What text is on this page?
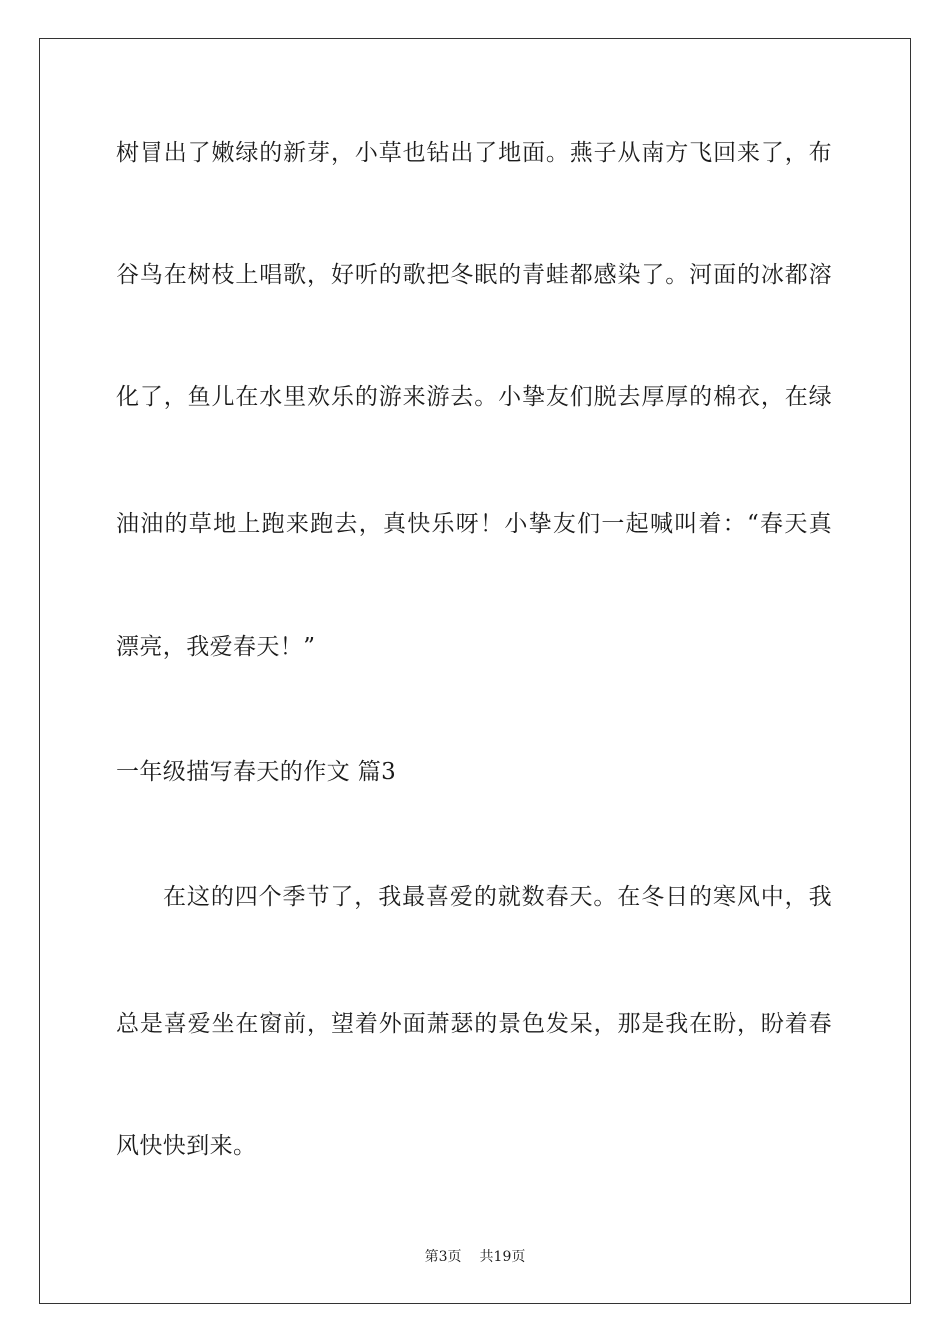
树冒出了嫩绿的新芽，小草也钻出了地面。燕子从南方飞回来了，布
谷鸟在树枝上唱歌，好听的歌把冬眠的青蛙都感染了。河面的冰都溶
化了，鱼儿在水里欢乐的游来游去。小挚友们脱去厚厚的棉衣，在绿
油油的草地上跑来跑去，真快乐呀！小挚友们一起喊叫着：“春天真
漂亮，我爱春天！”
一年级描写春天的作文 篇3
在这的四个季节了，我最喜爱的就数春天。在冬日的寒风中，我
总是喜爱坐在窗前，望着外面萧瑟的景色发呆，那是我在盼，盼着春
风快快到来。
第3页 共19页
